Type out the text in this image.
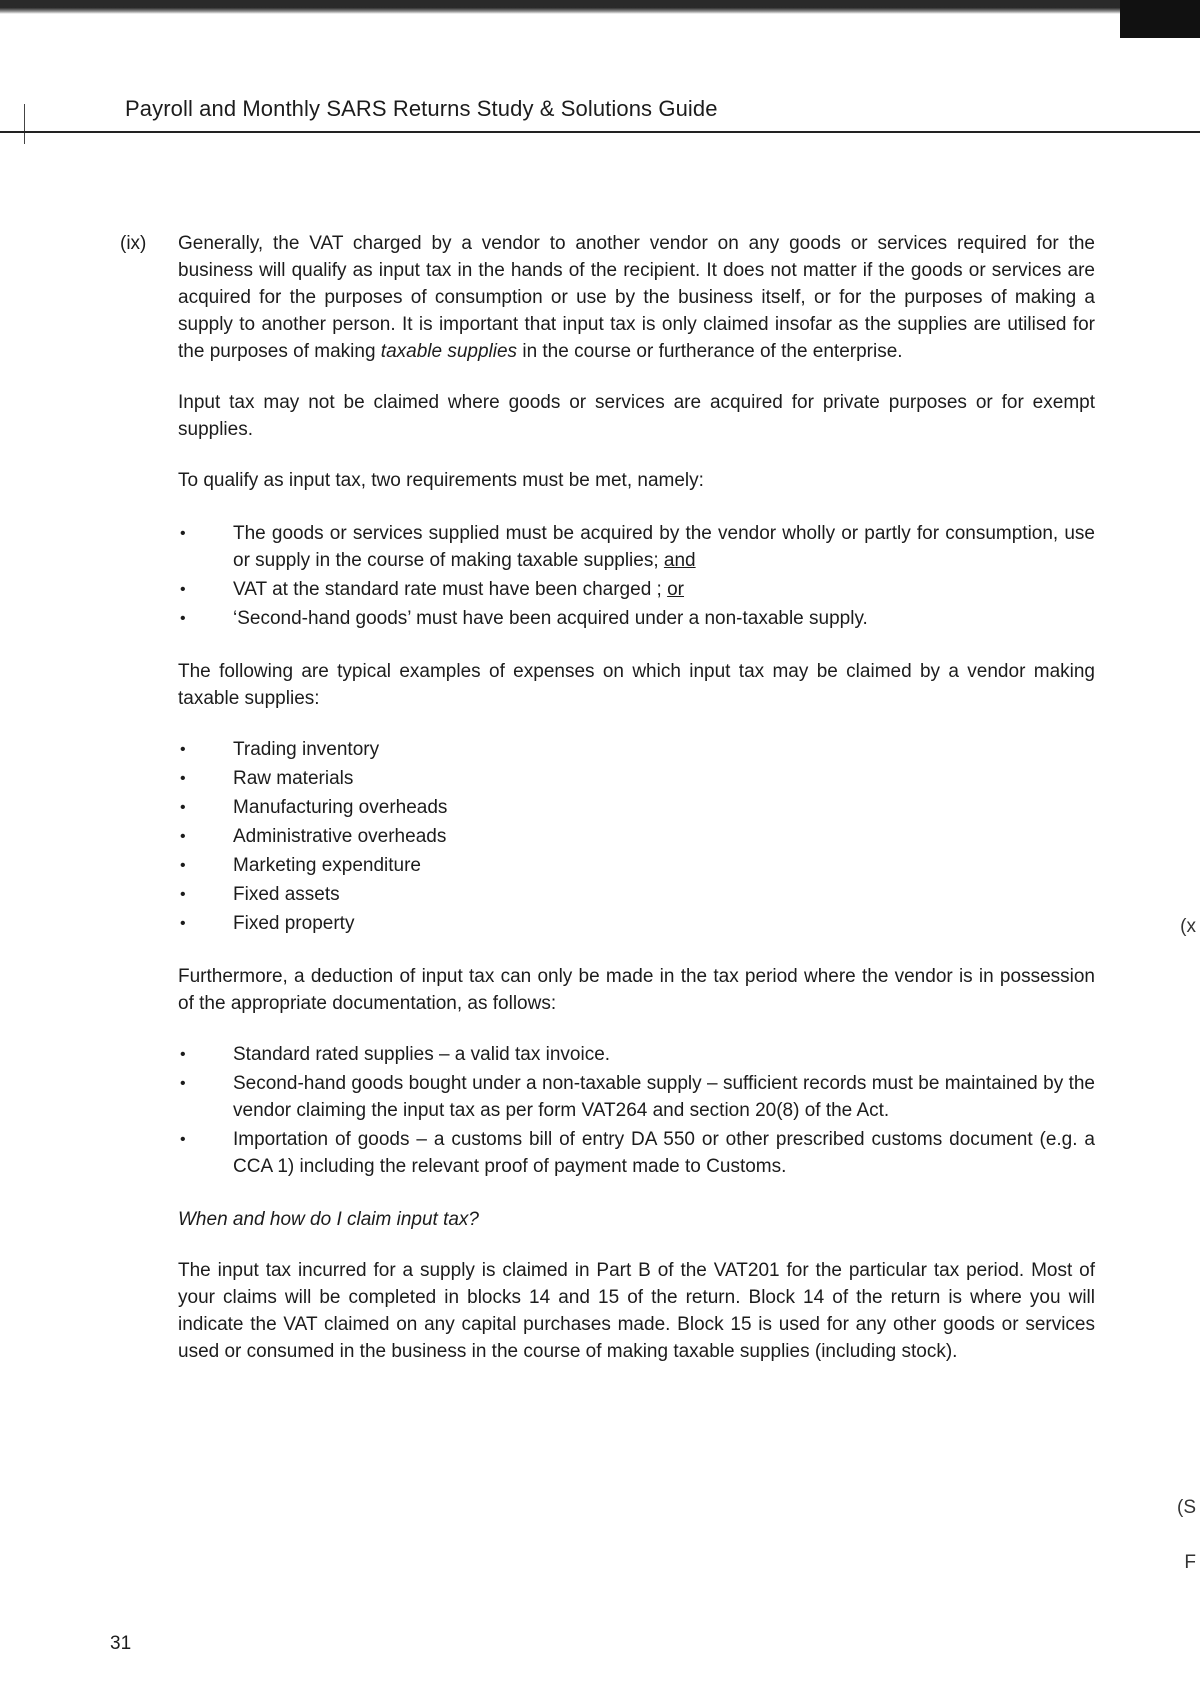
Payroll and Monthly SARS Returns Study & Solutions Guide
(ix)	Generally, the VAT charged by a vendor to another vendor on any goods or services required for the business will qualify as input tax in the hands of the recipient. It does not matter if the goods or services are acquired for the purposes of consumption or use by the business itself, or for the purposes of making a supply to another person. It is important that input tax is only claimed insofar as the supplies are utilised for the purposes of making taxable supplies in the course or furtherance of the enterprise.

Input tax may not be claimed where goods or services are acquired for private purposes or for exempt supplies.

To qualify as input tax, two requirements must be met, namely:

• The goods or services supplied must be acquired by the vendor wholly or partly for consumption, use or supply in the course of making taxable supplies; and
• VAT at the standard rate must have been charged ; or
• ‘Second-hand goods’ must have been acquired under a non-taxable supply.

The following are typical examples of expenses on which input tax may be claimed by a vendor making taxable supplies:

• Trading inventory
• Raw materials
• Manufacturing overheads
• Administrative overheads
• Marketing expenditure
• Fixed assets
• Fixed property

Furthermore, a deduction of input tax can only be made in the tax period where the vendor is in possession of the appropriate documentation, as follows:

• Standard rated supplies – a valid tax invoice.
• Second-hand goods bought under a non-taxable supply – sufficient records must be maintained by the vendor claiming the input tax as per form VAT264 and section 20(8) of the Act.
• Importation of goods – a customs bill of entry DA 550 or other prescribed customs document (e.g. a CCA 1) including the relevant proof of payment made to Customs.
When and how do I claim input tax?

The input tax incurred for a supply is claimed in Part B of the VAT201 for the particular tax period. Most of your claims will be completed in blocks 14 and 15 of the return. Block 14 of the return is where you will indicate the VAT claimed on any capital purchases made. Block 15 is used for any other goods or services used or consumed in the business in the course of making taxable supplies (including stock).

(x
(S
F
31
